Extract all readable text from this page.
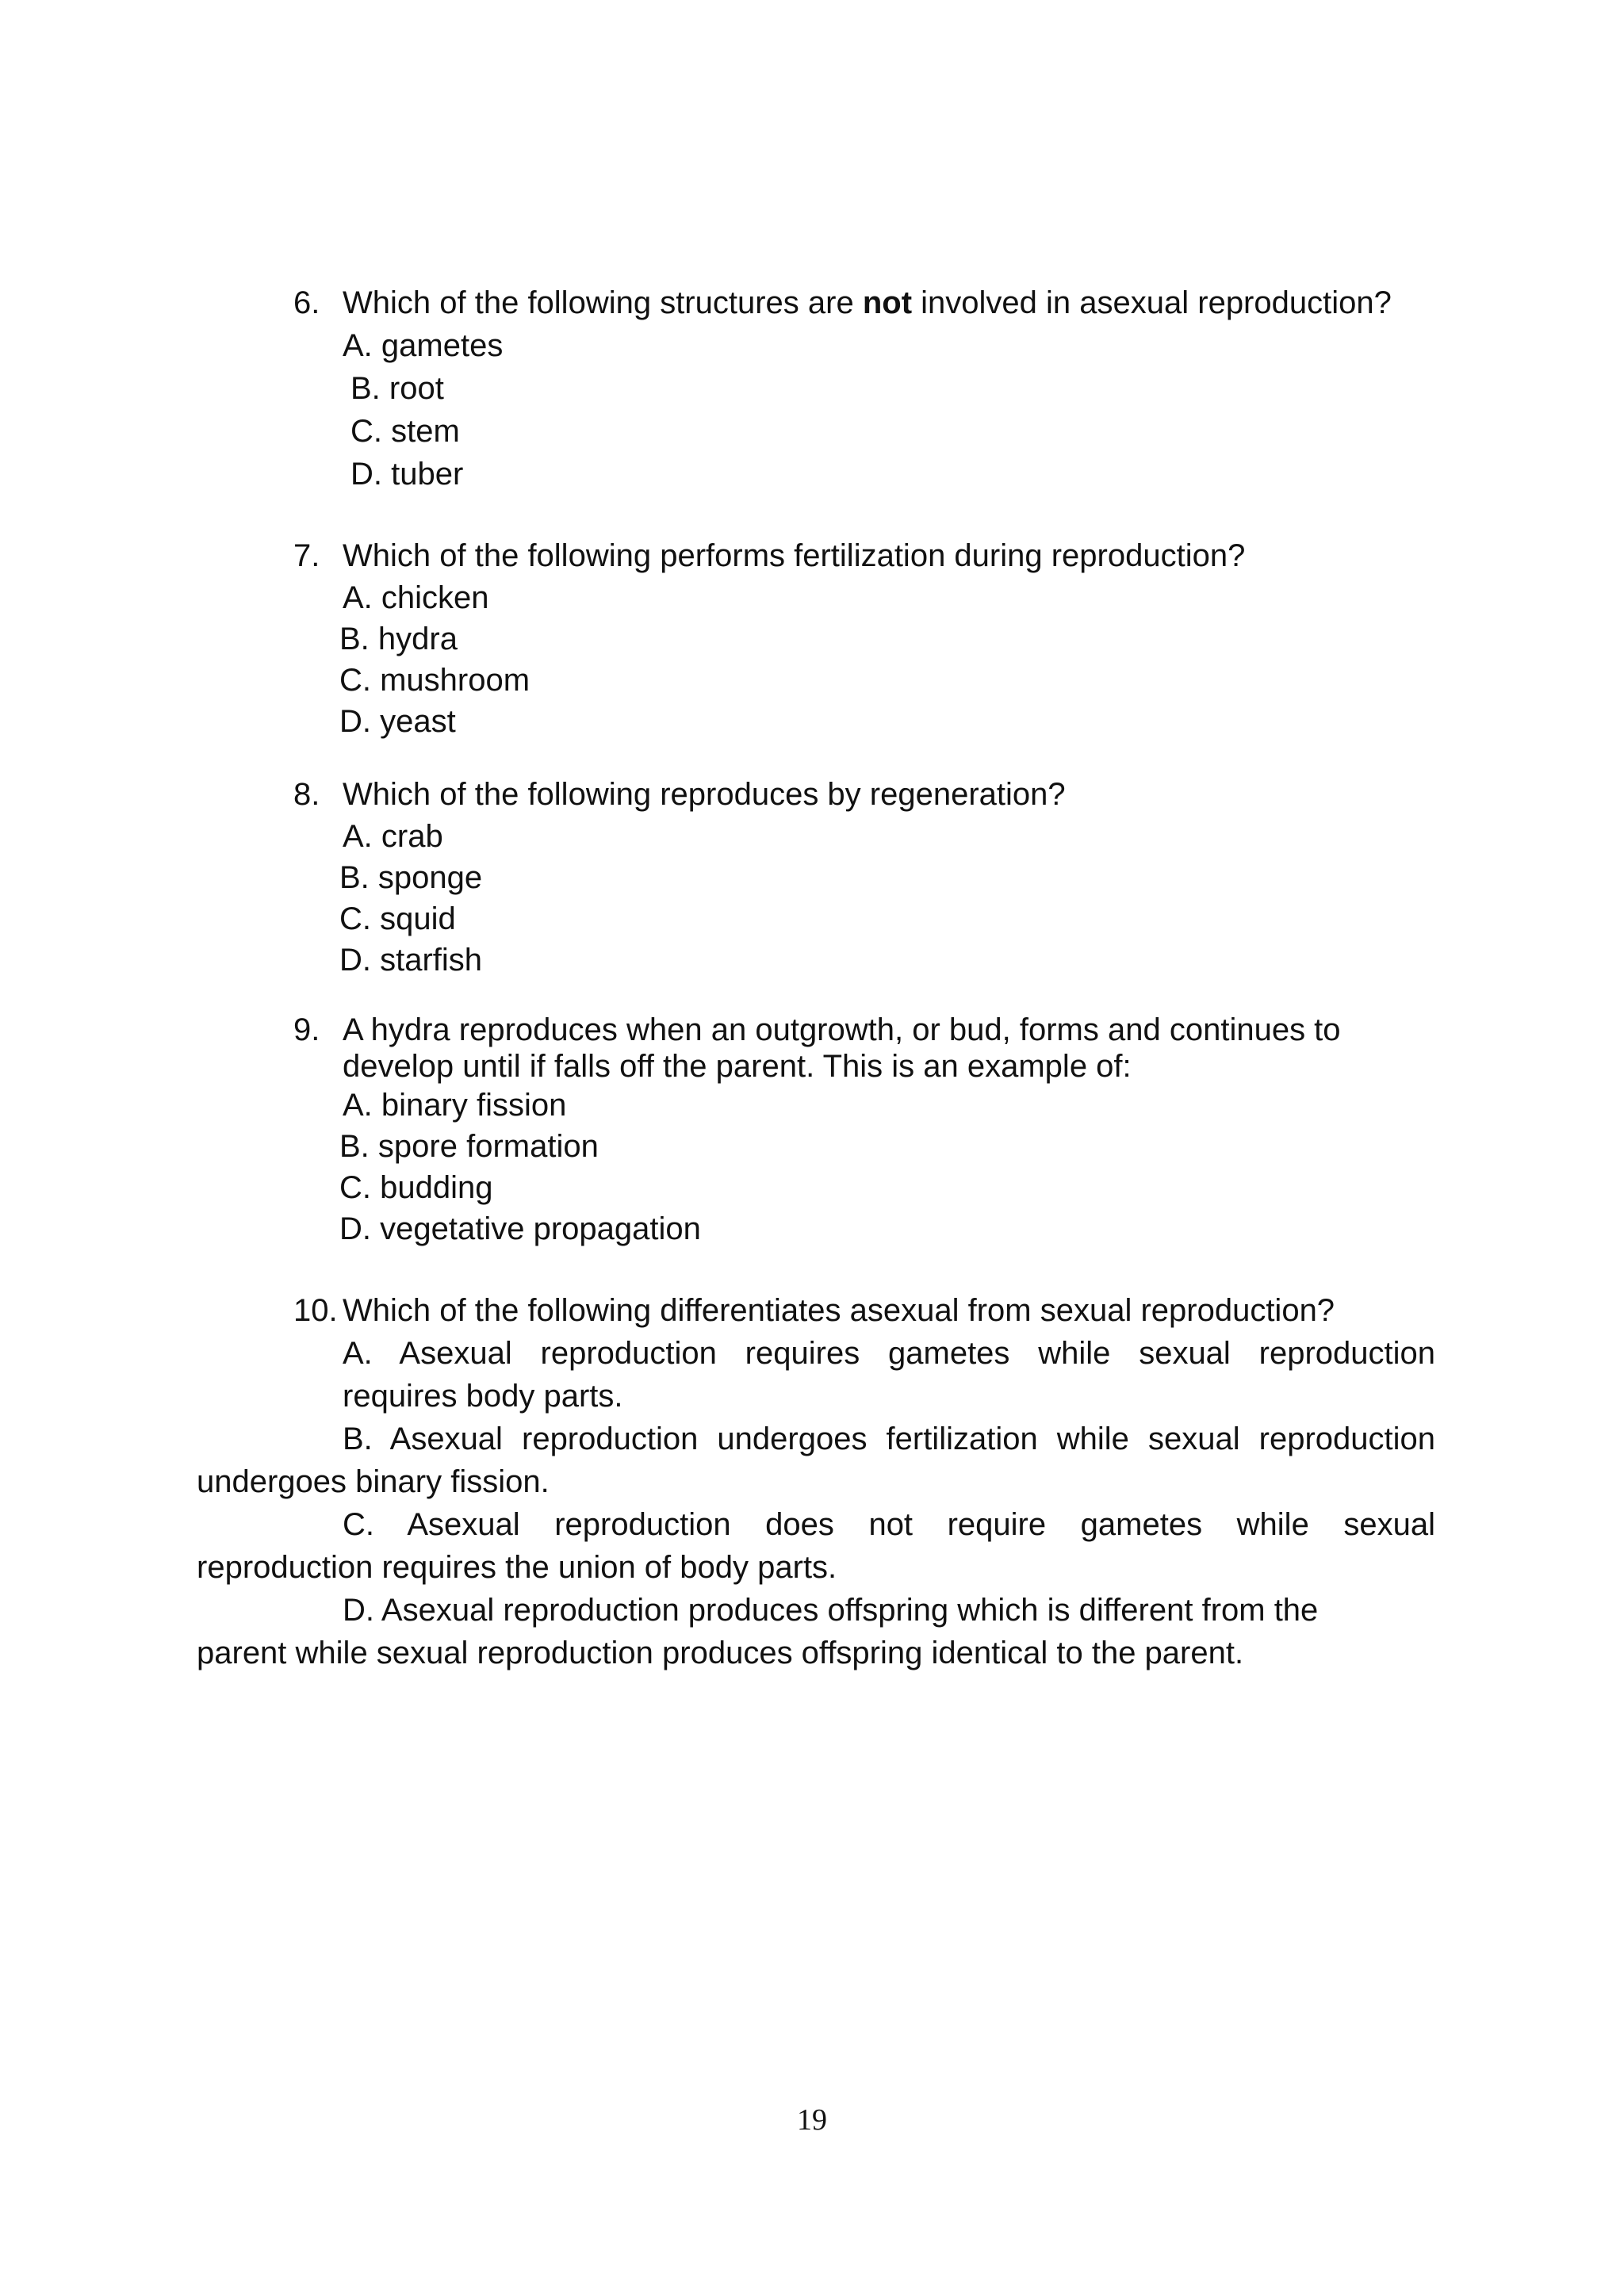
6. Which of the following structures are not involved in asexual reproduction?
A. gametes
B. root
C. stem
D. tuber
7. Which of the following performs fertilization during reproduction?
A. chicken
B. hydra
C. mushroom
D. yeast
8. Which of the following reproduces by regeneration?
A. crab
B. sponge
C. squid
D. starfish
9. A hydra reproduces when an outgrowth, or bud, forms and continues to
develop until if falls off the parent. This is an example of:
A. binary fission
B. spore formation
C. budding
D. vegetative propagation
10. Which of the following differentiates asexual from sexual reproduction?
A. Asexual reproduction requires gametes while sexual reproduction
requires body parts.
B. Asexual reproduction undergoes fertilization while sexual reproduction
undergoes binary fission.
C. Asexual reproduction does not require gametes while sexual
reproduction requires the union of body parts.
D. Asexual reproduction produces offspring which is different from the
parent while sexual reproduction produces offspring identical to the parent.
19
